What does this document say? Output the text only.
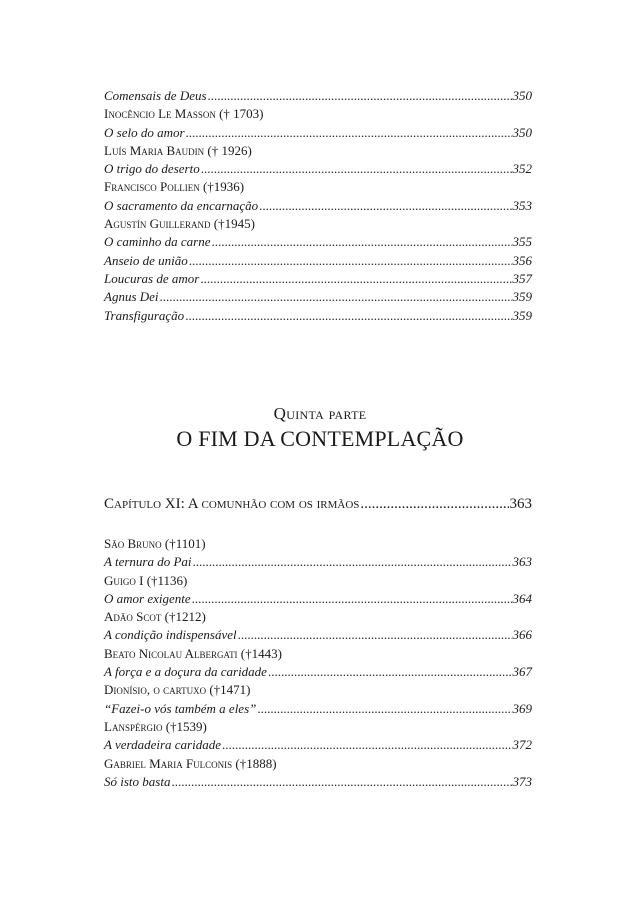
Comensais de Deus .....	350
Inocêncio Le Masson († 1703)
O selo do amor .....	350
Luís Maria Baudin († 1926)
O trigo do deserto .....	352
Francisco Pollien (†1936)
O sacramento da encarnação .....	353
Agustín Guillerand (†1945)
O caminho da carne .....	355
Anseio de união .....	356
Loucuras de amor .....	357
Agnus Dei .....	359
Transfiguração .....	359
Quinta parte
O FIM DA CONTEMPLAÇÃO
Capítulo XI: A comunhão com os irmãos .....	363
São Bruno (†1101)
A ternura do Pai .....	363
Guigo I (†1136)
O amor exigente .....	364
Adão Scot (†1212)
A condição indispensável .....	366
Beato Nicolau Albergati (†1443)
A força e a doçura da caridade .....	367
Dionísio, o cartuxo (†1471)
“Fazei-o vós também a eles” .....	369
Lanspérgio (†1539)
A verdadeira caridade .....	372
Gabriel Maria Fulconis (†1888)
Só isto basta .....	373
